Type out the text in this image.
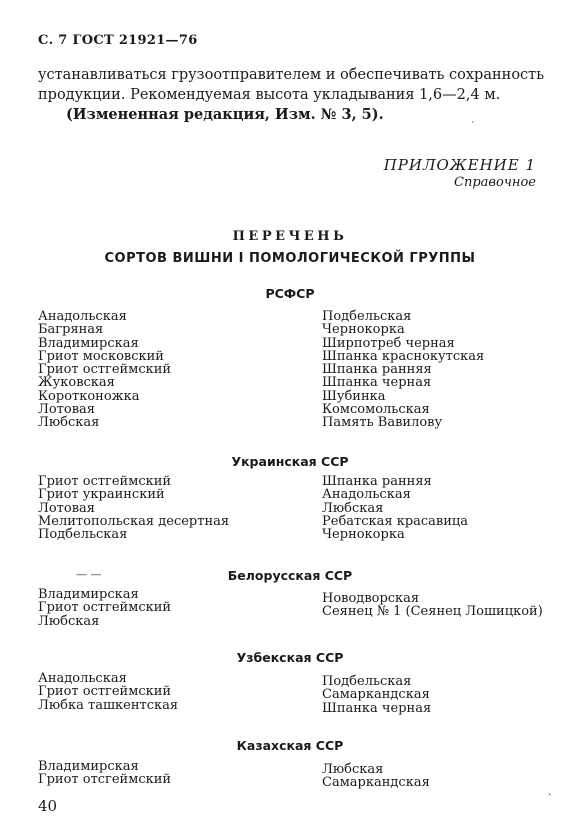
С. 7 ГОСТ 21921—76
устанавливаться грузоотправителем и обеспечивать сохранность
продукции. Рекомендуемая высота укладывания 1,6—2,4 м.
(Измененная редакция, Изм. № 3, 5).
˙
ПРИЛОЖЕНИЕ 1
Справочное
ПЕРЕЧЕНЬ
СОРТОВ ВИШНИ I ПОМОЛОГИЧЕСКОЙ ГРУППЫ
РСФСР
Анадольская
Багряная
Владимирская
Гриот московский
Гриот остгеймский
Жуковская
Коротконожка
Лотовая
Любская
Подбельская
Чернокорка
Ширпотреб черная
Шпанка краснокутская
Шпанка ранняя
Шпанка черная
Шубинка
Комсомольская
Память Вавилову
Украинская ССР
Гриот остгеймский
Гриот украинский
Лотовая
Мелитопольская десертная
Подбельская
Шпанка ранняя
Анадольская
Любская
Ребатская красавица
Чернокорка
— —	Белорусская ССР
Владимирская
Гриот остгеймский
Любская
Новодворская
Сеянец № 1 (Сеянец Лошицкой)
Узбекская ССР
Анадольская
Гриот остгеймский
Любка ташкентская
Подбельская
Самаркандская
Шпанка черная
Казахская ССР
Владимирская
Гриот отсгеймский
Любская
Самаркандская
·
40
